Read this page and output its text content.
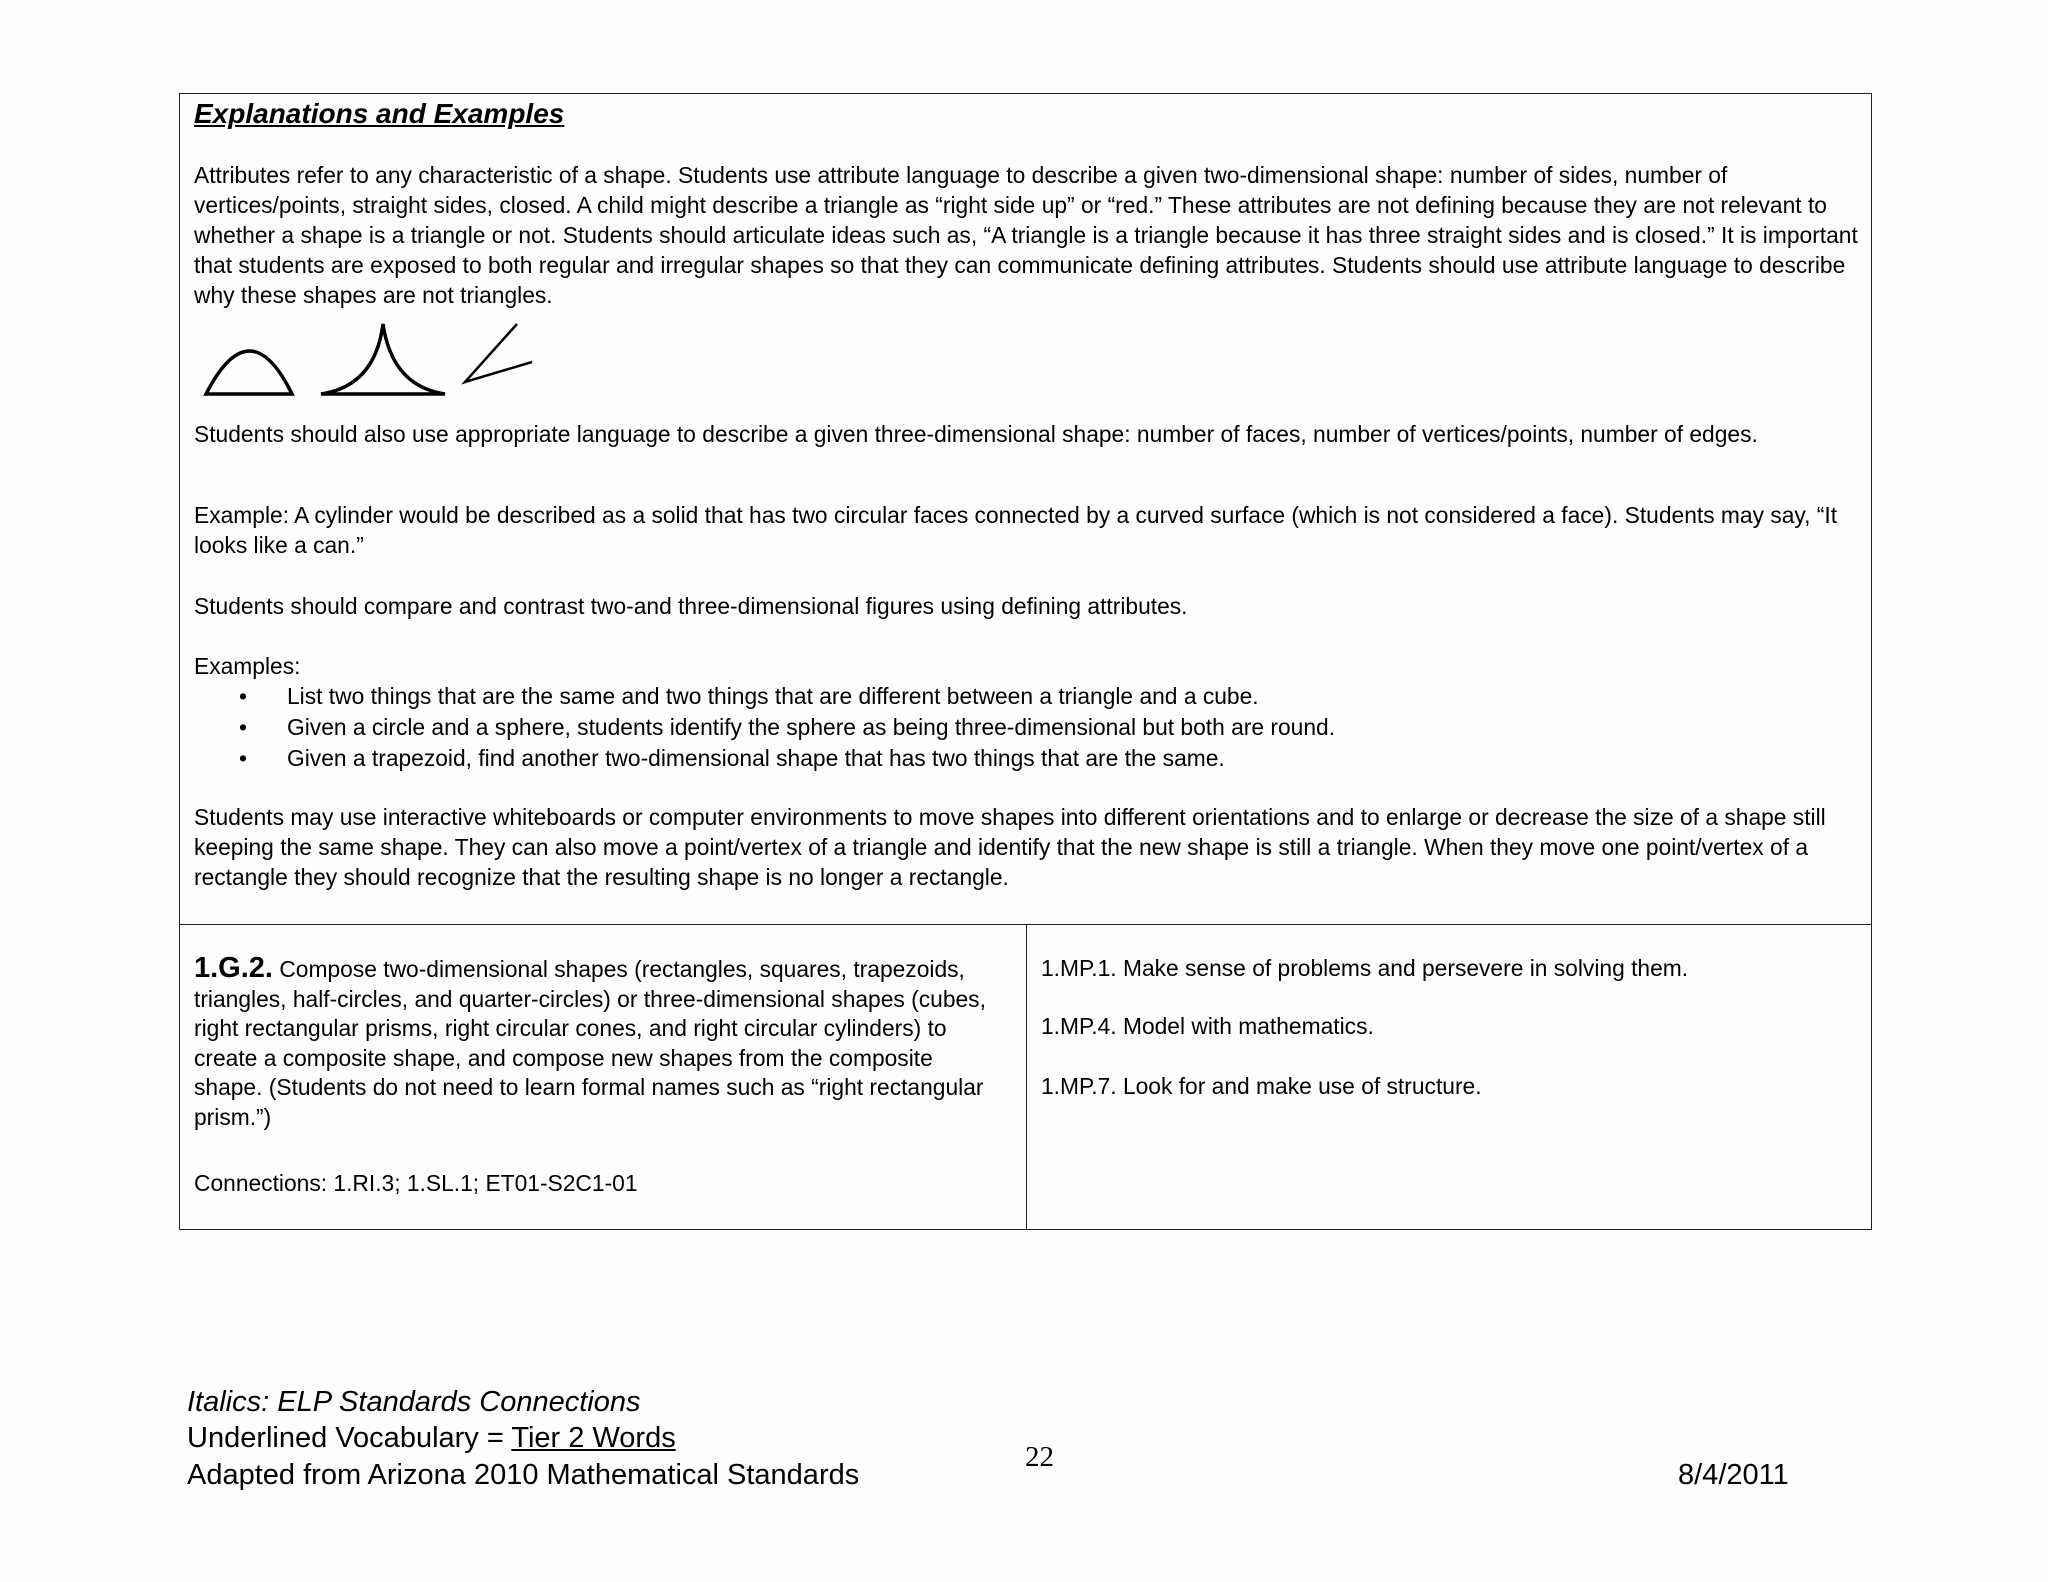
Explanations and Examples

Attributes refer to any characteristic of a shape. Students use attribute language to describe a given two-dimensional shape: number of sides, number of vertices/points, straight sides, closed. A child might describe a triangle as “right side up” or “red.” These attributes are not defining because they are not relevant to whether a shape is a triangle or not. Students should articulate ideas such as, “A triangle is a triangle because it has three straight sides and is closed.” It is important that students are exposed to both regular and irregular shapes so that they can communicate defining attributes. Students should use attribute language to describe why these shapes are not triangles.

Students should also use appropriate language to describe a given three-dimensional shape: number of faces, number of vertices/points, number of edges.

Example: A cylinder would be described as a solid that has two circular faces connected by a curved surface (which is not considered a face). Students may say, “It looks like a can.”

Students should compare and contrast two-and three-dimensional figures using defining attributes.

Examples:

• List two things that are the same and two things that are different between a triangle and a cube.
• Given a circle and a sphere, students identify the sphere as being three-dimensional but both are round.
• Given a trapezoid, find another two-dimensional shape that has two things that are the same.

Students may use interactive whiteboards or computer environments to move shapes into different orientations and to enlarge or decrease the size of a shape still keeping the same shape. They can also move a point/vertex of a triangle and identify that the new shape is still a triangle. When they move one point/vertex of a rectangle they should recognize that the resulting shape is no longer a rectangle.

1.G.2. Compose two-dimensional shapes (rectangles, squares, trapezoids, triangles, half-circles, and quarter-circles) or three-dimensional shapes (cubes, right rectangular prisms, right circular cones, and right circular cylinders) to create a composite shape, and compose new shapes from the composite shape. (Students do not need to learn formal names such as “right rectangular prism.”)
Connections: 1.RI.3; 1.SL.1; ET01-S2C1-01
1.MP.1. Make sense of problems and persevere in solving them.
1.MP.4. Model with mathematics.
1.MP.7. Look for and make use of structure.
Italics: ELP Standards Connections
Underlined Vocabulary = Tier 2 Words
Adapted from Arizona 2010 Mathematical Standards
22
8/4/2011
